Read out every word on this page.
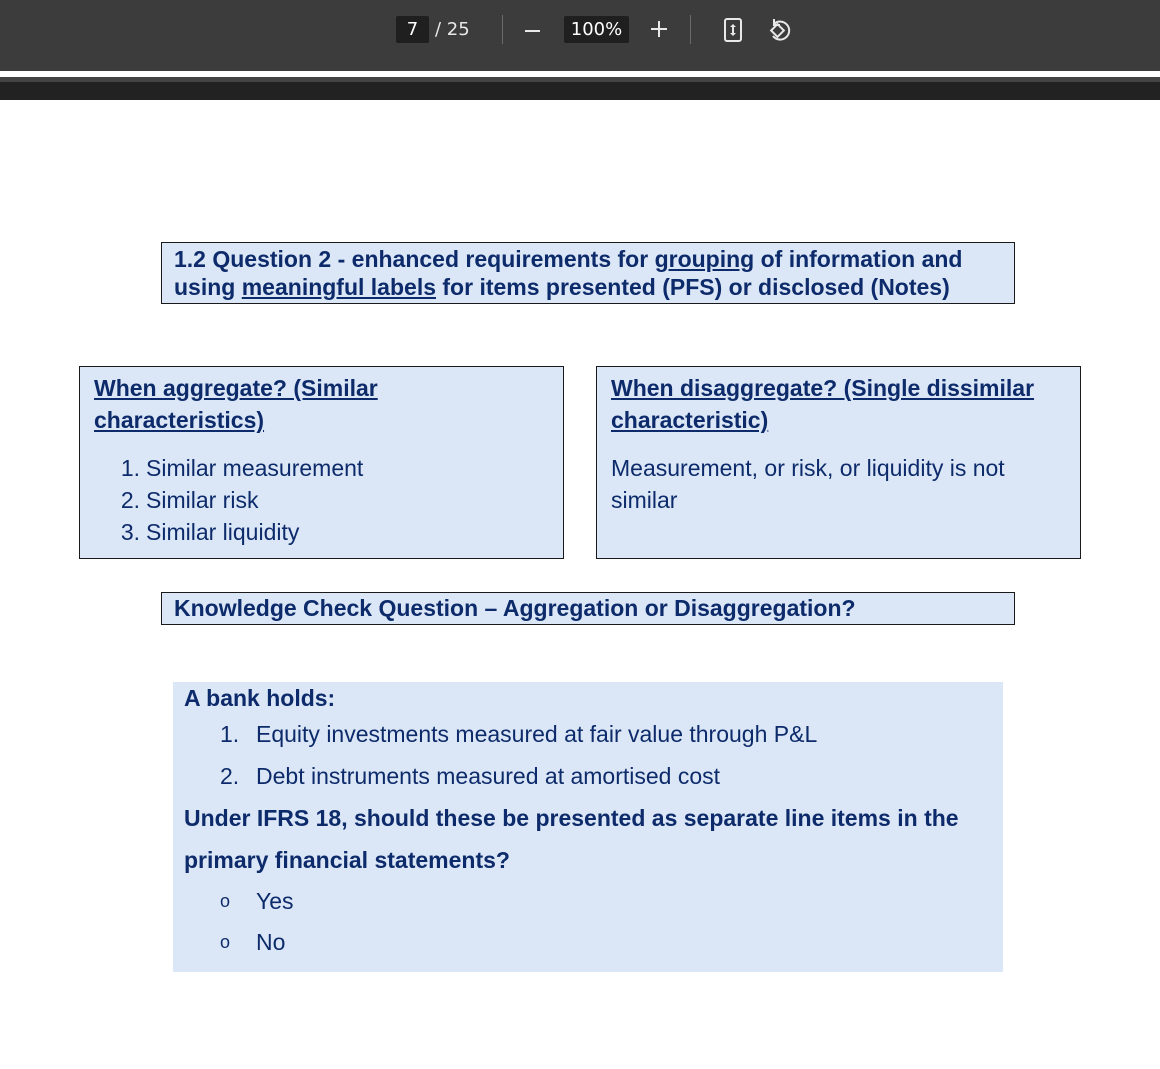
7 / 25	100%
1.2 Question 2 - enhanced requirements for grouping of information and using meaningful labels for items presented (PFS) or disclosed (Notes)
When aggregate? (Similar characteristics)
1. Similar measurement
2. Similar risk
3. Similar liquidity
When disaggregate? (Single dissimilar characteristic)
Measurement, or risk, or liquidity is not similar
Knowledge Check Question – Aggregation or Disaggregation?
A bank holds:
1. Equity investments measured at fair value through P&L
2. Debt instruments measured at amortised cost
Under IFRS 18, should these be presented as separate line items in the primary financial statements?
o Yes
o No
